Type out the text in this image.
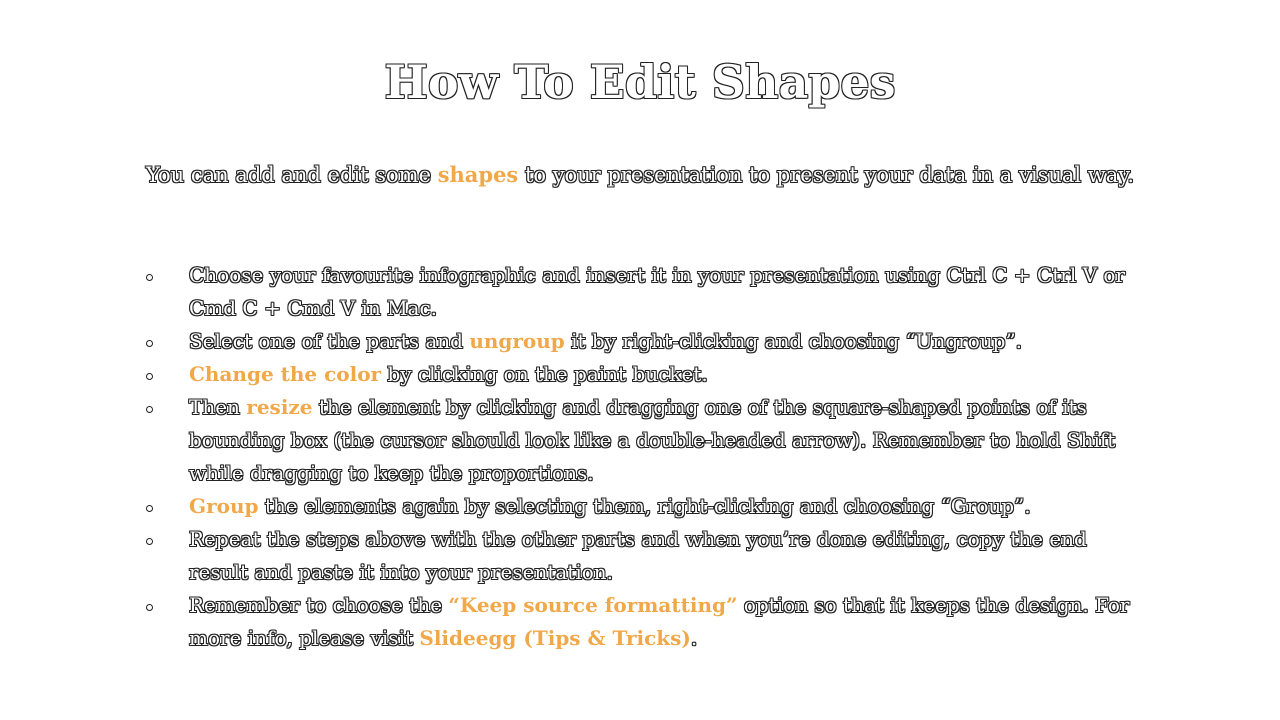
How To Edit Shapes
You can add and edit some shapes to your presentation to present your data in a visual way.
Choose your favourite infographic and insert it in your presentation using Ctrl C + Ctrl V or Cmd C + Cmd V in Mac.
Select one of the parts and ungroup it by right-clicking and choosing “Ungroup”.
Change the color by clicking on the paint bucket.
Then resize the element by clicking and dragging one of the square-shaped points of its bounding box (the cursor should look like a double-headed arrow). Remember to hold Shift while dragging to keep the proportions.
Group the elements again by selecting them, right-clicking and choosing “Group”.
Repeat the steps above with the other parts and when you’re done editing, copy the end result and paste it into your presentation.
Remember to choose the “Keep source formatting” option so that it keeps the design. For more info, please visit Slideegg (Tips & Tricks).
